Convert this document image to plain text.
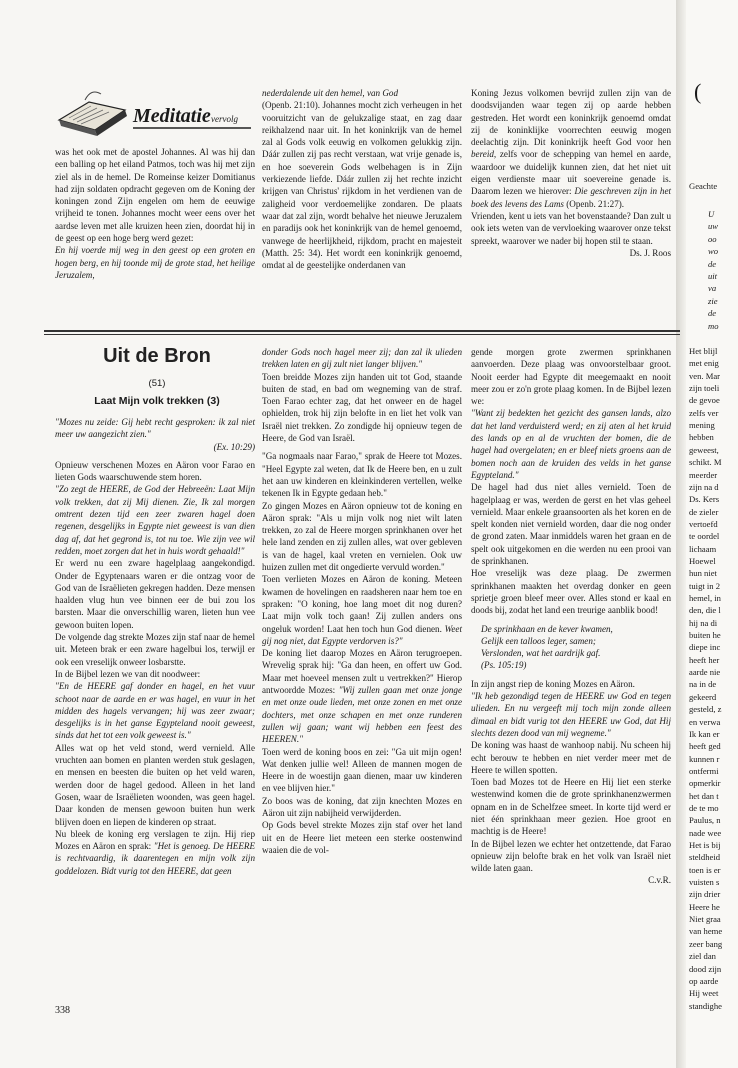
Meditatie vervolg

was het ook met de apostel Johannes. Al was hij dan een balling op het eiland Patmos, toch was hij met zijn ziel als in de hemel. De Romeinse keizer Domitianus had zijn soldaten opdracht gegeven om de Koning der koningen zond Zijn engelen om hem de eeuwige vrijheid te tonen. Johannes mocht weer eens over het aardse leven met alle kruizen heen zien, doordat hij in de geest op een hoge berg werd gezet:

En hij voerde mij weg in den geest op een groten en hogen berg, en hij toonde mij de grote stad, het heilige Jeruzalem,

nederdalende uit den hemel, van God

(Openb. 21:10). Johannes mocht zich verheugen in het vooruitzicht van de gelukzalige staat, en zag daar reikhalzend naar uit. In het koninkrijk van de hemel zal al Gods volk eeuwig en volkomen gelukkig zijn. Dáár zullen zij pas recht verstaan, wat vrije genade is, en hoe soeverein Gods welbehagen is in Zijn verkiezende liefde. Dáár zullen zij het rechte inzicht krijgen van Christus' rijkdom in het verdienen van de zaligheid voor verdoemelijke zondaren. De plaats waar dat zal zijn, wordt behalve het nieuwe Jeruzalem en paradijs ook het koninkrijk van de hemel genoemd, vanwege de heerlijkheid, rijkdom, pracht en majesteit (Matth. 25: 34). Het wordt een koninkrijk genoemd, omdat al de geestelijke onderdanen van

Koning Jezus volkomen bevrijd zullen zijn van de doodsvijanden waar tegen zij op aarde hebben gestreden. Het wordt een koninkrijk genoemd omdat zij de koninklijke voorrechten eeuwig mogen deelachtig zijn. Dit koninkrijk heeft God voor hen bereid, zelfs voor de schepping van hemel en aarde, waardoor we duidelijk kunnen zien, dat het niet uit eigen verdienste maar uit soevereine genade is. Daarom lezen we hierover: Die geschreven zijn in het boek des levens des Lams (Openb. 21:27).

Vrienden, kent u iets van het bovenstaande? Dan zult u ook iets weten van de vervloeking waarover onze tekst spreekt, waarover we nader bij hopen stil te staan.

Ds. J. Roos

Uit de Bron
(51)
Laat Mijn volk trekken (3)

"Mozes nu zeide: Gij hebt recht gesproken: ik zal niet meer uw aangezicht zien."

(Ex. 10:29)

Opnieuw verschenen Mozes en Aäron voor Farao en lieten Gods waarschuwende stem horen.

"Zo zegt de HEERE, de God der Hebreeën: Laat Mijn volk trekken, dat zij Mij dienen. Zie, Ik zal morgen omtrent dezen tijd een zeer zwaren hagel doen regenen, desgelijks in Egypte niet geweest is van dien dag af, dat het gegrond is, tot nu toe. Wie zijn vee wil redden, moet zorgen dat het in huis wordt gehaald!"

Er werd nu een zware hagelplaag aangekondigd. Onder de Egyptenaars waren er die ontzag voor de God van de Israëlieten gekregen hadden. Deze mensen haalden vlug hun vee binnen eer de bui zou los barsten. Maar die onverschillig waren, lieten hun vee gewoon buiten lopen.

De volgende dag strekte Mozes zijn staf naar de hemel uit. Meteen brak er een zware hagelbui los, terwijl er ook een vreselijk onweer losbarstte.

In de Bijbel lezen we van dit noodweer:

"En de HEERE gaf donder en hagel, en het vuur schoot naar de aarde en er was hagel, en vuur in het midden des hagels vervangen; hij was zeer zwaar; desgelijks is in het ganse Egypteland nooit geweest, sinds dat het tot een volk geweest is."

Alles wat op het veld stond, werd vernield. Alle vruchten aan bomen en planten werden stuk geslagen, en mensen en beesten die buiten op het veld waren, werden door de hagel gedood. Alleen in het land Gosen, waar de Israëlieten woonden, was geen hagel. Daar konden de mensen gewoon buiten hun werk blijven doen en liepen de kinderen op straat.

Nu bleek de koning erg verslagen te zijn. Hij riep Mozes en Aäron en sprak: "Het is genoeg. De HEERE is rechtvaardig, ik daarentegen en mijn volk zijn goddelozen. Bidt vurig tot den HEERE, dat geen

donder Gods noch hagel meer zij; dan zal ik ulieden trekken laten en gij zult niet langer blijven."

Toen breidde Mozes zijn handen uit tot God, staande buiten de stad, en bad om wegneming van de straf. Toen Farao echter zag, dat het onweer en de hagel ophielden, trok hij zijn belofte in en liet het volk van Israël niet trekken. Zo zondigde hij opnieuw tegen de Heere, de God van Israël.

"Ga nogmaals naar Farao," sprak de Heere tot Mozes. "Heel Egypte zal weten, dat Ik de Heere ben, en u zult het aan uw kinderen en kleinkinderen vertellen, welke tekenen Ik in Egypte gedaan heb."

Zo gingen Mozes en Aäron opnieuw tot de koning en Aäron sprak: "Als u mijn volk nog niet wilt laten trekken, zo zal de Heere morgen sprinkhanen over het hele land zenden en zij zullen alles, wat over gebleven is van de hagel, kaal vreten en vernielen. Ook uw huizen zullen met dit ongedierte vervuld worden."

Toen verlieten Mozes en Aäron de koning. Meteen kwamen de hovelingen en raadsheren naar hem toe en spraken: "O koning, hoe lang moet dit nog duren? Laat mijn volk toch gaan! Zij zullen anders ons ongeluk worden! Laat hen toch hun God dienen. Weet gij nog niet, dat Egypte verdorven is?"

De koning liet daarop Mozes en Aäron terugroepen. Wrevelig sprak hij: "Ga dan heen, en offert uw God. Maar met hoeveel mensen zult u vertrekken?" Hierop antwoordde Mozes: "Wij zullen gaan met onze jonge en met onze oude lieden, met onze zonen en met onze dochters, met onze schapen en met onze runderen zullen wij gaan; want wij hebben een feest des HEEREN."

Toen werd de koning boos en zei: "Ga uit mijn ogen! Wat denken jullie wel! Alleen de mannen mogen de Heere in de woestijn gaan dienen, maar uw kinderen en vee blijven hier."

Zo boos was de koning, dat zijn knechten Mozes en Aäron uit zijn nabijheid verwijderden.

Op Gods bevel strekte Mozes zijn staf over het land uit en de Heere liet meteen een sterke oostenwind waaien die de vol-

gende morgen grote zwermen sprinkhanen aanvoerden. Deze plaag was onvoorstelbaar groot. Nooit eerder had Egypte dit meegemaakt en nooit meer zou er zo'n grote plaag komen. In de Bijbel lezen we:

"Want zij bedekten het gezicht des gansen lands, alzo dat het land verduisterd werd; en zij aten al het kruid des lands op en al de vruchten der bomen, die de hagel had overgelaten; en er bleef niets groens aan de bomen noch aan de kruiden des velds in het ganse Egypteland."

De hagel had dus niet alles vernield. Toen de hagelplaag er was, werden de gerst en het vlas geheel vernield. Maar enkele graansoorten als het koren en de spelt konden niet vernield worden, daar die nog onder de grond zaten. Maar inmiddels waren het graan en de spelt ook uitgekomen en die werden nu een prooi van de sprinkhanen.

Hoe vreselijk was deze plaag. De zwermen sprinkhanen maakten het overdag donker en geen sprietje groen bleef meer over. Alles stond er kaal en doods bij, zodat het land een treurige aanblik bood!

De sprinkhaan en de kever kwamen,

Gelijk een talloos leger, samen;

Verslonden, wat het aardrijk gaf.

(Ps. 105:19)

In zijn angst riep de koning Mozes en Aäron.

"Ik heb gezondigd tegen de HEERE uw God en tegen ulieden. En nu vergeeft mij toch mijn zonde alleen dimaal en bidt vurig tot den HEERE uw God, dat Hij slechts dezen dood van mij wegneme."

De koning was haast de wanhoop nabij. Nu scheen hij echt berouw te hebben en niet verder meer met de Heere te willen spotten.

Toen bad Mozes tot de Heere en Hij liet een sterke westenwind komen die de grote sprinkhanenzwermen opnam en in de Schelfzee smeet. In korte tijd werd er niet één sprinkhaan meer gezien. Hoe groot en machtig is de Heere!

In de Bijbel lezen we echter het ontzettende, dat Farao opnieuw zijn belofte brak en het volk van Israël niet wilde laten gaan.

C.v.R.

338
(
Geachte
U
uw
oo
wo
de
uit
va
zie
de
mo
Het blijl
met enig
ven. Mar
zijn toeli
de gevoe
zelfs ver
mening
hebben
geweest,
schikt. M
meerder
zijn na d
Ds. Kers
de zieler
vertoefd
te oordel
lichaam
Hoewel
hun niet
tuigt in 2
hemel, in
den, die l
hij na di
buiten he
diepe inc
heeft her
aarde nie
na in de
gekeerd
gesteld, z
en verwa
Ik kan er
heeft ged
kunnen r
ontfermi
opmerkir
het dan t
de te mo
Paulus, n
nade wee
Het is bij
steldheid
toen is er
vuisten s
zijn drier
Heere he
Niet graa
van heme
zeer bang
ziel dan
dood zijn
op aarde
Hij weet
standighe
